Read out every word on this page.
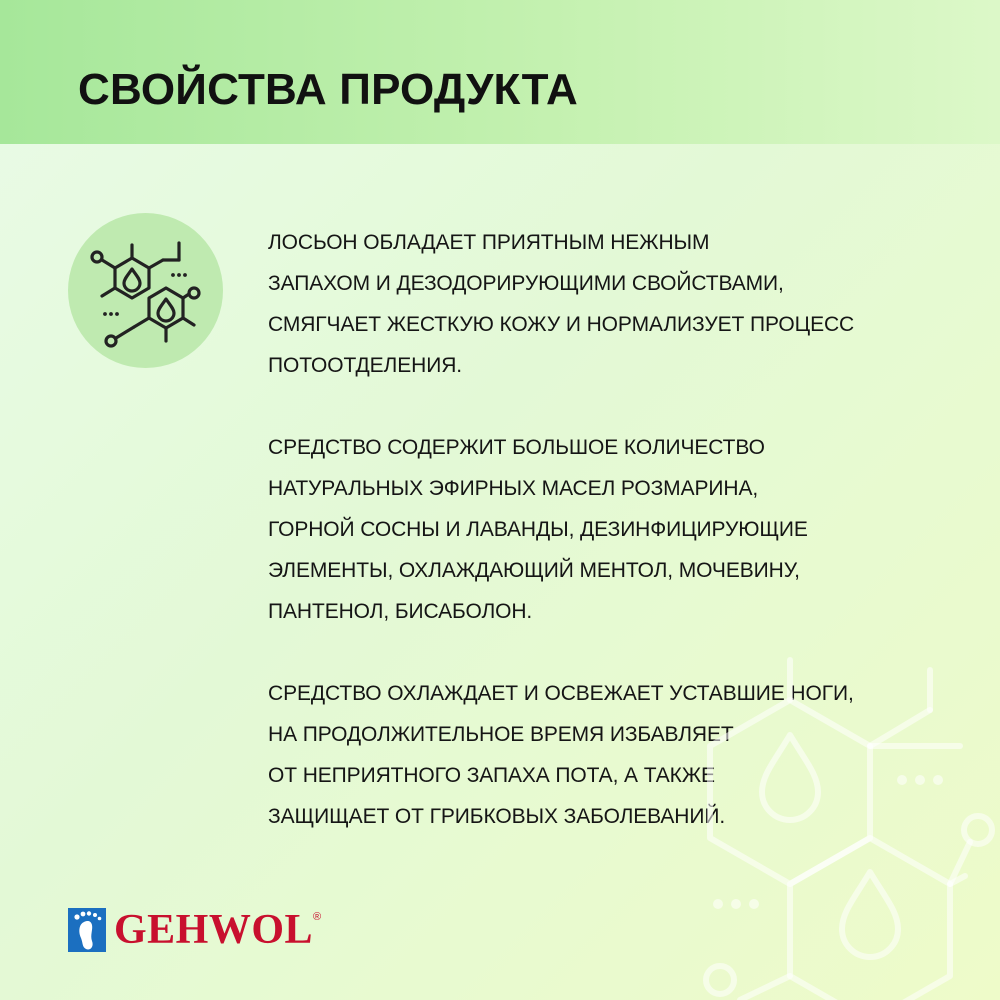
СВОЙСТВА ПРОДУКТА

ЛОСЬОН ОБЛАДАЕТ ПРИЯТНЫМ НЕЖНЫМ
ЗАПАХОМ И ДЕЗОДОРИРУЮЩИМИ СВОЙСТВАМИ,
СМЯГЧАЕТ ЖЕСТКУЮ КОЖУ И НОРМАЛИЗУЕТ ПРОЦЕСС
ПОТООТДЕЛЕНИЯ.

СРЕДСТВО СОДЕРЖИТ БОЛЬШОЕ КОЛИЧЕСТВО
НАТУРАЛЬНЫХ ЭФИРНЫХ МАСЕЛ РОЗМАРИНА,
ГОРНОЙ СОСНЫ И ЛАВАНДЫ, ДЕЗИНФИЦИРУЮЩИЕ
ЭЛЕМЕНТЫ, ОХЛАЖДАЮЩИЙ МЕНТОЛ, МОЧЕВИНУ,
ПАНТЕНОЛ, БИСАБОЛОН.

СРЕДСТВО ОХЛАЖДАЕТ И ОСВЕЖАЕТ УСТАВШИЕ НОГИ,
НА ПРОДОЛЖИТЕЛЬНОЕ ВРЕМЯ ИЗБАВЛЯЕТ
ОТ НЕПРИЯТНОГО ЗАПАХА ПОТА, А ТАКЖЕ
ЗАЩИЩАЕТ ОТ ГРИБКОВЫХ ЗАБОЛЕВАНИЙ.

GEHWOL ®
